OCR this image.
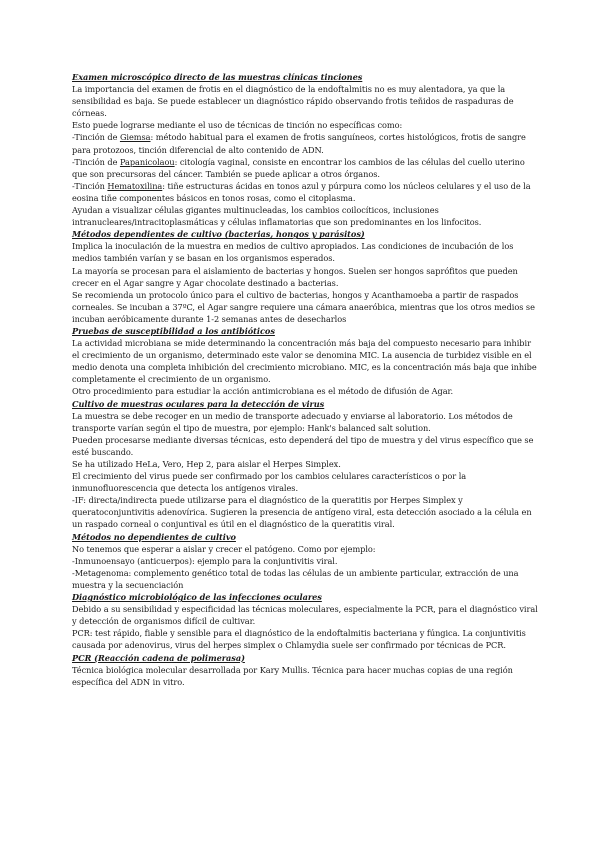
Examen microscópico directo de las muestras clínicas tinciones

La importancia del examen de frotis en el diagnóstico de la endoftalmitis no es muy alentadora, ya que la sensibilidad es baja. Se puede establecer un diagnóstico rápido observando frotis teñidos de raspaduras de córneas.

Esto puede lograrse mediante el uso de técnicas de tinción no específicas como:

-Tinción de Giemsa: método habitual para el examen de frotis sanguíneos, cortes histológicos, frotis de sangre para protozoos, tinción diferencial de alto contenido de ADN.

-Tinción de Papanicolaou: citología vaginal, consiste en encontrar los cambios de las células del cuello uterino que son precursoras del cáncer. También se puede aplicar a otros órganos.

-Tinción Hematoxilina: tiñe estructuras ácidas en tonos azul y púrpura como los núcleos celulares y el uso de la eosina tiñe componentes básicos en tonos rosas, como el citoplasma.

Ayudan a visualizar células gigantes multinucleadas, los cambios coilocíticos, inclusiones intranucleares/intracitoplasmáticas y células inflamatorias que son predominantes en los linfocitos.

Métodos dependientes de cultivo (bacterias, hongos y parásitos)

Implica la inoculación de la muestra en medios de cultivo apropiados. Las condiciones de incubación de los medios también varían y se basan en los organismos esperados.

La mayoría se procesan para el aislamiento de bacterias y hongos. Suelen ser hongos saprófitos que pueden crecer en el Agar sangre y Agar chocolate destinado a bacterias.

Se recomienda un protocolo único para el cultivo de bacterias, hongos y Acanthamoeba a partir de raspados corneales. Se incuban a 37ºC, el Agar sangre requiere una cámara anaeróbica, mientras que los otros medios se incuban aeróbicamente durante 1-2 semanas antes de desecharlos

Pruebas de susceptibilidad a los antibióticos

La actividad microbiana se mide determinando la concentración más baja del compuesto necesario para inhibir el crecimiento de un organismo, determinado este valor se denomina MIC. La ausencia de turbidez visible en el medio denota una completa inhibición del crecimiento microbiano. MIC, es la concentración más baja que inhibe completamente el crecimiento de un organismo.

Otro procedimiento para estudiar la acción antimicrobiana es el método de difusión de Agar.

Cultivo de muestras oculares para la detección de virus

La muestra se debe recoger en un medio de transporte adecuado y enviarse al laboratorio. Los métodos de transporte varían según el tipo de muestra, por ejemplo: Hank's balanced salt solution.

Pueden procesarse mediante diversas técnicas, esto dependerá del tipo de muestra y del virus específico que se esté buscando.

Se ha utilizado HeLa, Vero, Hep 2, para aislar el Herpes Simplex.

El crecimiento del virus puede ser confirmado por los cambios celulares característicos o por la inmunofluorescencia que detecta los antígenos virales.

-IF: directa/indirecta puede utilizarse para el diagnóstico de la queratitis por Herpes Simplex y queratoconjuntivitis adenovírica. Sugieren la presencia de antígeno viral, esta detección asociado a la célula en un raspado corneal o conjuntival es útil en el diagnóstico de la queratitis viral.

Métodos no dependientes de cultivo

No tenemos que esperar a aislar y crecer el patógeno. Como por ejemplo:

-Inmunoensayo (anticuerpos): ejemplo para la conjuntivitis viral.

-Metagenoma: complemento genético total de todas las células de un ambiente particular, extracción de una muestra y la secuenciación

Diagnóstico microbiológico de las infecciones oculares

Debido a su sensibilidad y especificidad las técnicas moleculares, especialmente la PCR, para el diagnóstico viral y detección de organismos difícil de cultivar.

PCR: test rápido, fiable y sensible para el diagnóstico de la endoftalmitis bacteriana y fúngica. La conjuntivitis causada por adenovirus, virus del herpes simplex o Chlamydia suele ser confirmado por técnicas de PCR.

PCR (Reacción cadena de polimerasa)

Técnica biológica molecular desarrollada por Kary Mullis. Técnica para hacer muchas copias de una región específica del ADN in vitro.
